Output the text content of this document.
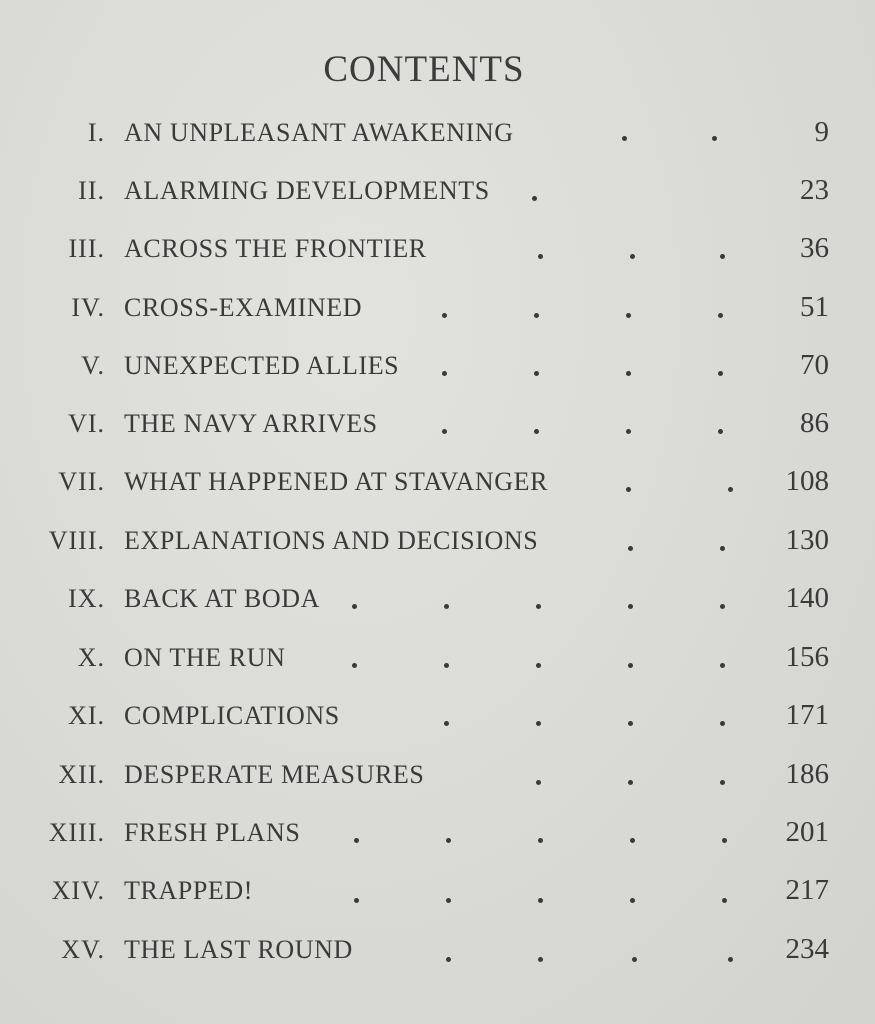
CONTENTS
I. AN UNPLEASANT AWAKENING	9
II. ALARMING DEVELOPMENTS	23
III. ACROSS THE FRONTIER	36
IV. CROSS-EXAMINED	51
V. UNEXPECTED ALLIES	70
VI. THE NAVY ARRIVES	86
VII. WHAT HAPPENED AT STAVANGER	108
VIII. EXPLANATIONS AND DECISIONS	130
IX. BACK AT BODA	140
X. ON THE RUN	156
XI. COMPLICATIONS	171
XII. DESPERATE MEASURES	186
XIII. FRESH PLANS	201
XIV. TRAPPED!	217
XV. THE LAST ROUND	234
